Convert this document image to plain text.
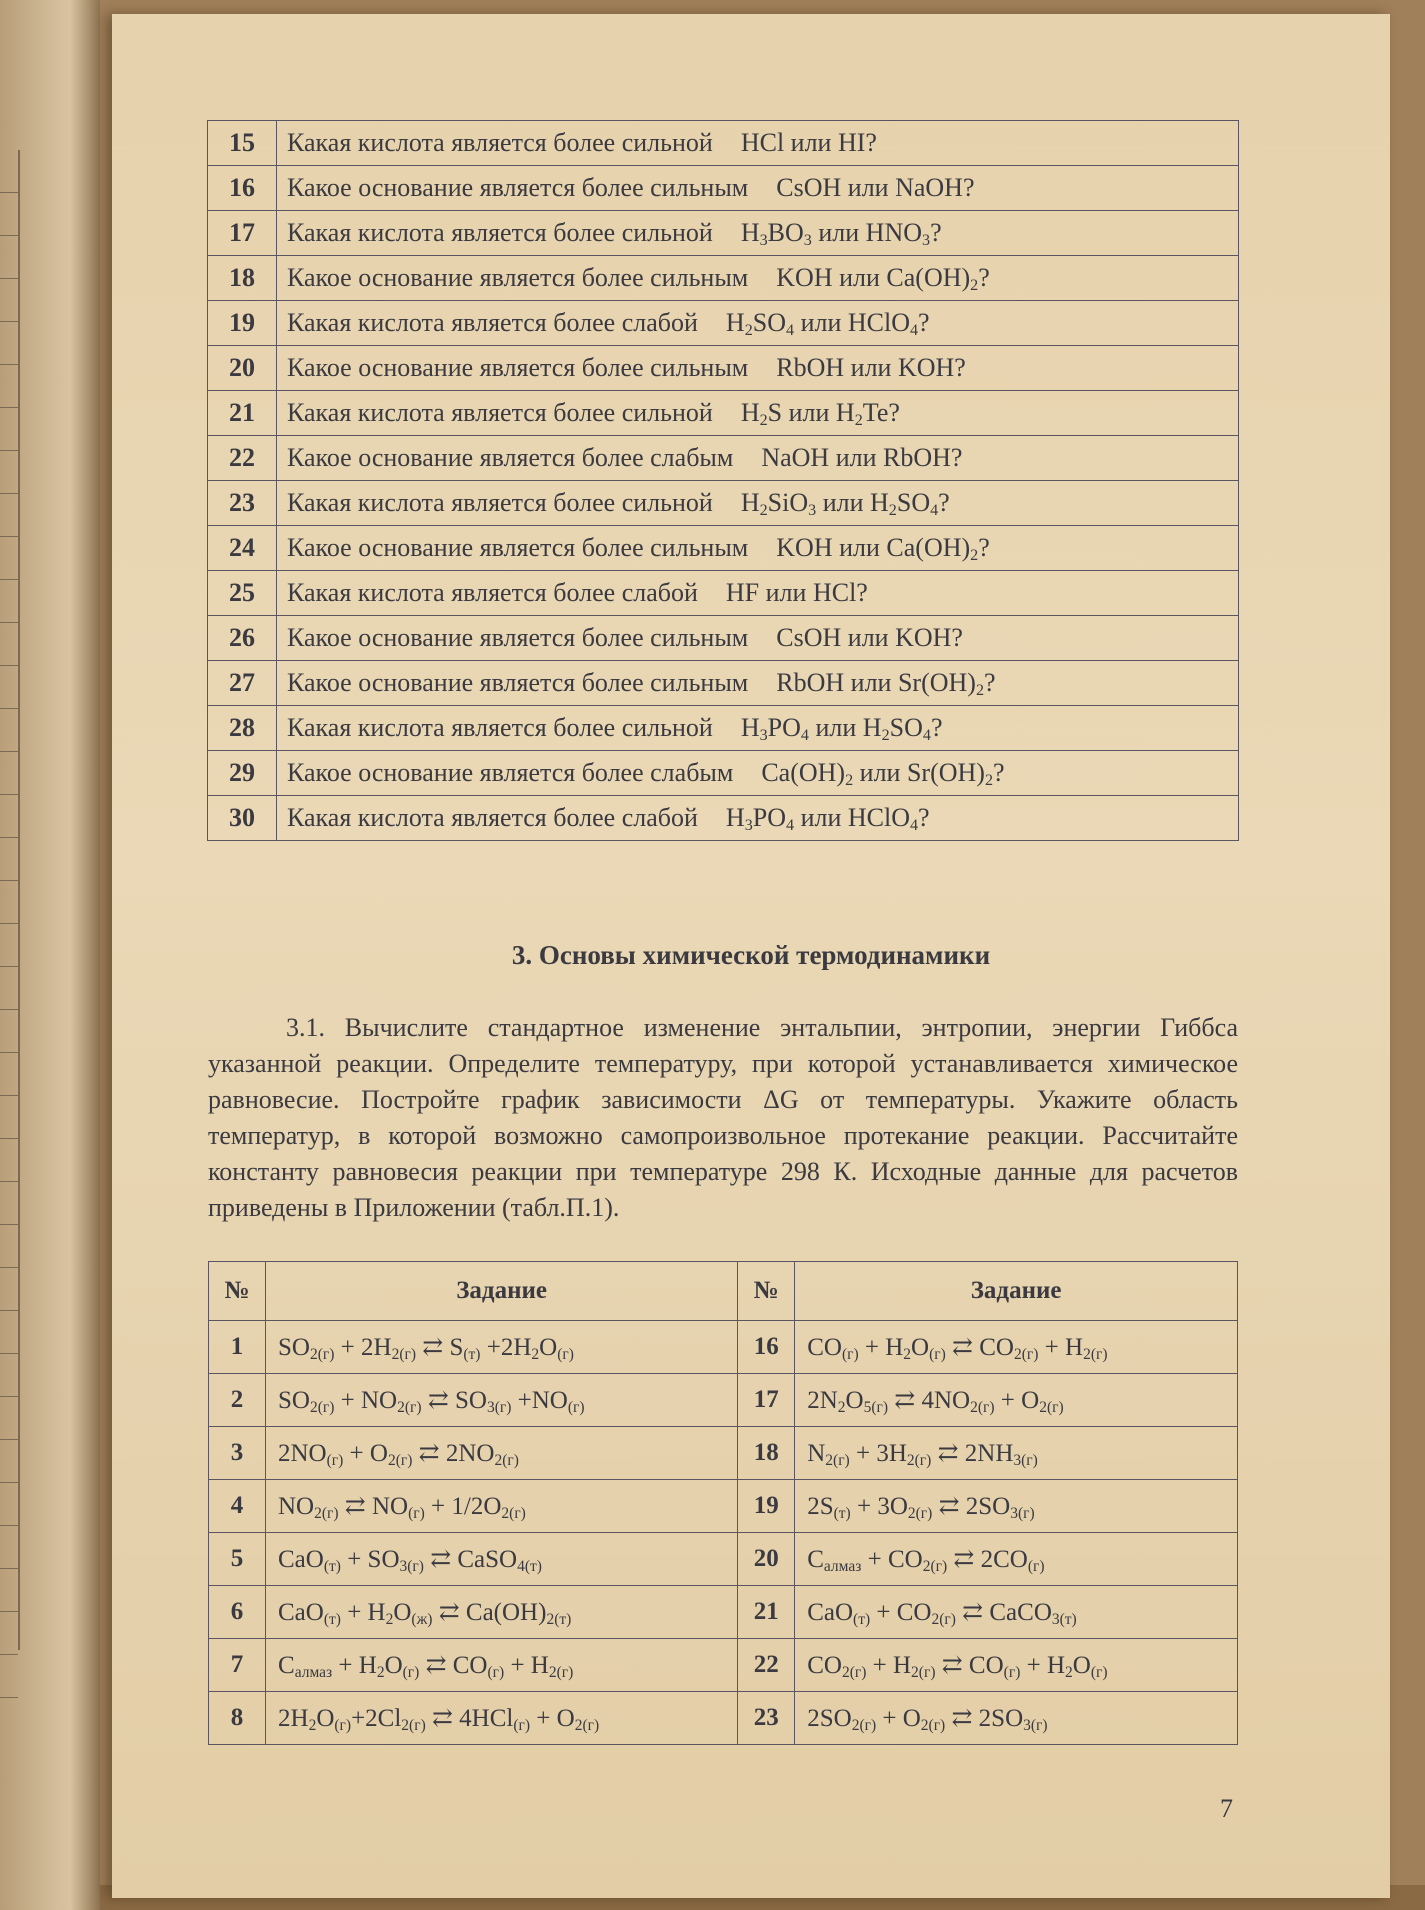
15	Какая кислота является более сильной HCl или HI?
16	Какое основание является более сильным CsOH или NaOH?
17	Какая кислота является более сильной $H_3BO_3$ или $HNO_3$?
18	Какое основание является более сильным KOH или $Ca(OH)_2$?
19	Какая кислота является более слабой $H_2SO_4$ или HClO$_4$?
20	Какое основание является более сильным RbOH или KOH?
21	Какая кислота является более сильной $H_2S$ или $H_2Te$?
22	Какое основание является более слабым NaOH или RbOH?
23	Какая кислота является более сильной $H_2SiO_3$ или $H_2SO_4$?
24	Какое основание является более сильным KOH или $Ca(OH)_2$?
25	Какая кислота является более слабой HF или HCl?
26	Какое основание является более сильным CsOH или KOH?
27	Какое основание является более сильным RbOH или $Sr(OH)_2$?
28	Какая кислота является более сильной $H_3PO_4$ или $H_2SO_4$?
29	Какое основание является более слабым $Ca(OH)_2$ или $Sr(OH)_2$?
30	Какая кислота является более слабой $H_3PO_4$ или HClO$_4$?
3. Основы химической термодинамики

3.1. Вычислите стандартное изменение энтальпии, энтропии, энергии Гиббса указанной реакции. Определите температуру, при которой устанавливается химическое равновесие. Постройте график зависимости ΔG от температуры. Укажите область температур, в которой возможно самопроизвольное протекание реакции. Рассчитайте константу равновесия реакции при температуре 298 К. Исходные данные для расчетов приведены в Приложении (табл.П.1).

№	Задание	№	Задание
1	$SO_{2(г)} + 2H_{2(г)}$ ⇄ $S_{(т)} +2H_2O_{(г)}$	16	$CO_{(г)} + H_2O_{(г)}$ ⇄ $CO_{2(г)} + H_{2(г)}$
2	$SO_{2(г)} + NO_{2(г)}$ ⇄ $SO_{3(г)} +NO_{(г)}$	17	$2N_2O_{5(г)}$ ⇄ $4NO_{2(г)} + O_{2(г)}$
3	$2NO_{(г)} + O_{2(г)}$ ⇄ $2NO_{2(г)}$	18	$N_{2(г)} + 3H_{2(г)}$ ⇄ $2NH_{3(г)}$
4	$NO_{2(г)}$ ⇄ $NO_{(г)} + 1/2O_{2(г)}$	19	$2S_{(т)} + 3O_{2(г)}$ ⇄ $2SO_{3(г)}$
5	$CaO_{(т)} + SO_{3(г)}$ ⇄ CaSO$_{4(т)}$	20	$C_{алмаз} + CO_{2(г)}$ ⇄ $2CO_{(г)}$
6	$CaO_{(т)} + H_2O_{(ж)}$ ⇄ $Ca(OH)_{2(т)}$	21	$CaO_{(т)} + CO_{2(г)}$ ⇄ CaCO$_{3(т)}$
7	$C_{алмаз} + H_2O_{(г)}$ ⇄ $CO_{(г)} + H_{2(г)}$	22	$CO_{2(г)} + H_{2(г)}$ ⇄ $CO_{(г)} + H_2O_{(г)}$
8	$2H_2O_{(г)}+2Cl_{2(г)}$ ⇄ $4HCl_{(г)} + O_{2(г)}$	23	$2SO_{2(г)} + O_{2(г)}$ ⇄ $2SO_{3(г)}$
7
